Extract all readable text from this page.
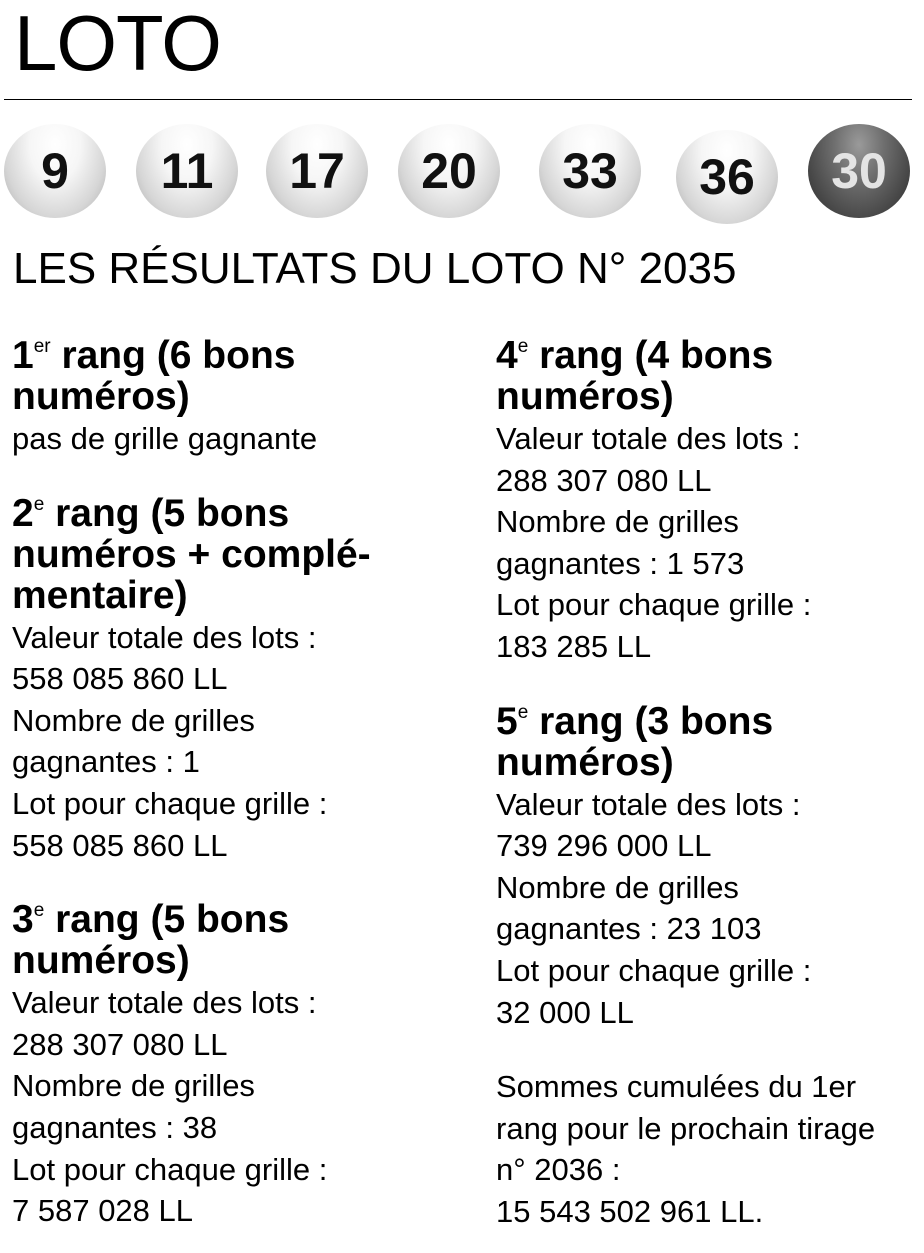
LOTO
9 11 17 20 33 36 30
LES RÉSULTATS DU LOTO N° 2035
1er rang (6 bons
numéros)
pas de grille gagnante
2e rang (5 bons
numéros + complé-
mentaire)
Valeur totale des lots :
558 085 860 LL
Nombre de grilles
gagnantes : 1
Lot pour chaque grille :
558 085 860 LL
3e rang (5 bons
numéros)
Valeur totale des lots :
288 307 080 LL
Nombre de grilles
gagnantes : 38
Lot pour chaque grille :
7 587 028 LL
4e rang (4 bons
numéros)
Valeur totale des lots :
288 307 080 LL
Nombre de grilles
gagnantes : 1 573
Lot pour chaque grille :
183 285 LL
5e rang (3 bons
numéros)
Valeur totale des lots :
739 296 000 LL
Nombre de grilles
gagnantes : 23 103
Lot pour chaque grille :
32 000 LL
Sommes cumulées du 1er
rang pour le prochain tirage
n° 2036 :
15 543 502 961 LL.
